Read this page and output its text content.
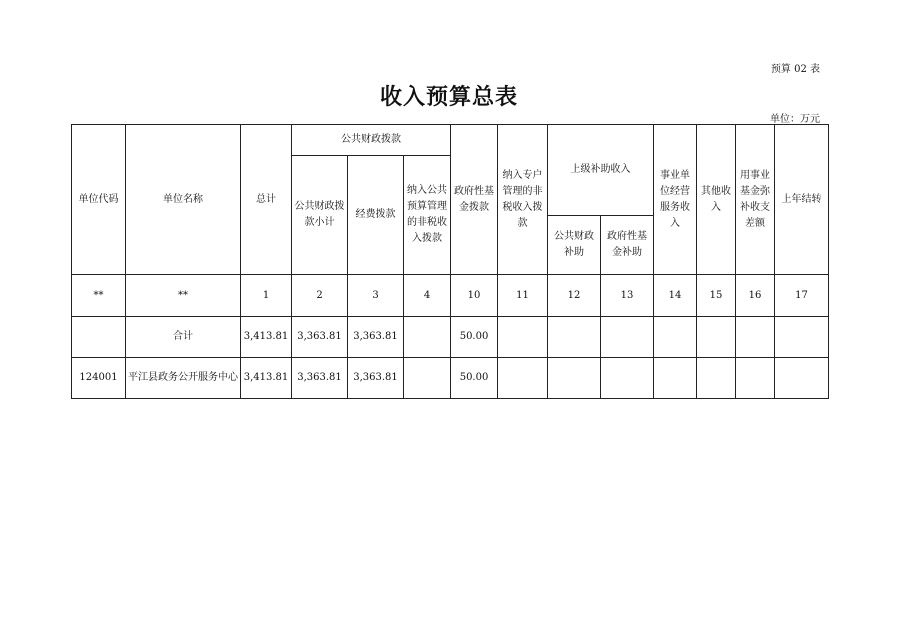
预算 02 表
收入预算总表
单位：万元
单位代码	单位名称	总计	公共财政拨款			政府性基金拨款	纳入专户管理的非税收入拨款	上级补助收入		事业单位经营服务收入	其他收入	用事业基金弥补收支差额	上年结转
			公共财政拨款小计	经费拨款	纳入公共预算管理的非税收入拨款								
								公共财政补助	政府性基金补助				
**	**	1	2	3	4	10	11	12	13	14	15	16	17
	合计	3,413.81	3,363.81	3,363.81		50.00							
124001	平江县政务公开服务中心	3,413.81	3,363.81	3,363.81		50.00							
